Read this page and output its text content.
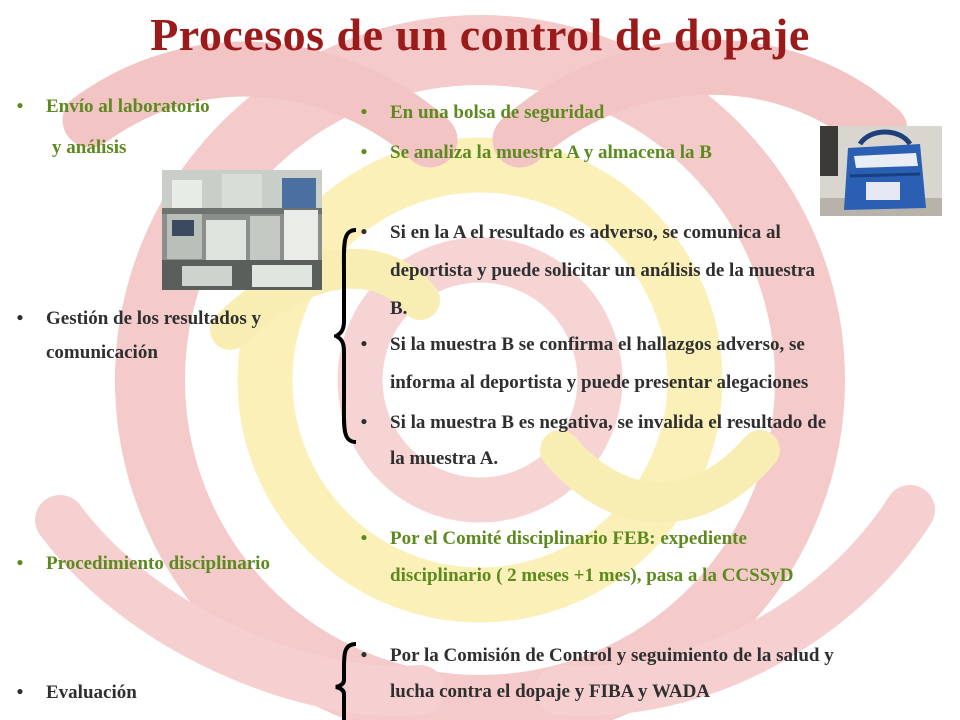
Procesos de un control de dopaje
•	Envío al laboratorio
y análisis
•	Gestión de los resultados y
comunicación
•	Procedimiento disciplinario
•	Evaluación
•	En una bolsa de seguridad
•	Se analiza la muestra A y almacena la B
•	Si en la A el resultado es adverso, se comunica al
deportista y puede solicitar un análisis de la muestra
B.
•	Si la muestra B se confirma el hallazgos adverso, se
informa al deportista y puede presentar alegaciones
•	Si la muestra B es negativa, se invalida el resultado de
la muestra A.
•	Por el Comité disciplinario FEB: expediente
disciplinario ( 2 meses +1 mes), pasa a la CCSSyD
•	Por la Comisión de Control y seguimiento de la salud y
lucha contra el dopaje y FIBA y WADA
